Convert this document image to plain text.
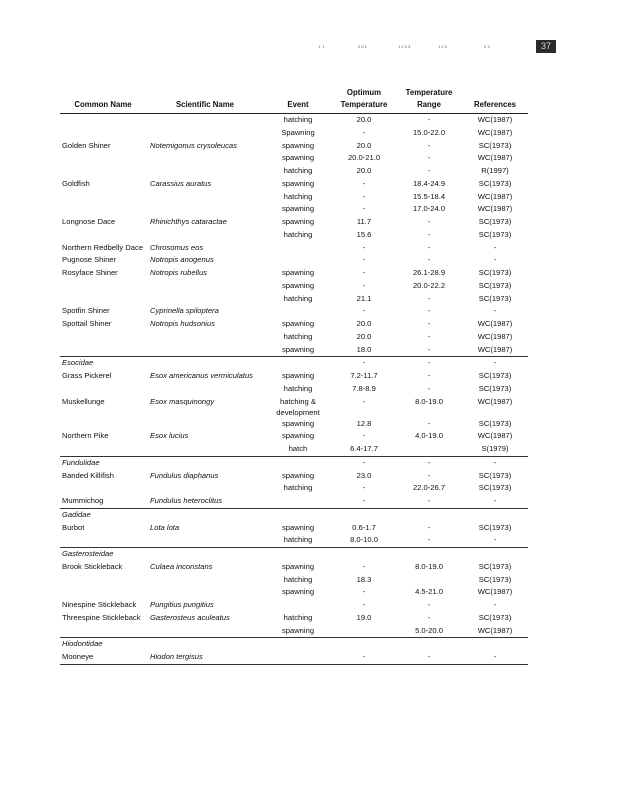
1· 1	2 0 1	1 2 3 3	1 2 3	2 3	37
Common Name	Scientific Name	Event	Optimum Temperature	Temperature Range	References
		hatching	20.0	-	WC(1987)
		Spawning	-	15.0-22.0	WC(1987)
Golden Shiner	Notemigonus crysoleucas	spawning	20.0	-	SC(1973)
		spawning	20.0-21.0	-	WC(1987)
		hatching	20.0	-	R(1997)
Goldfish	Carassius auratus	spawning	-	18.4-24.9	SC(1973)
		hatching	-	15.5-18.4	WC(1987)
		spawning	-	17.0-24.0	WC(1987)
Longnose Dace	Rhinichthys cataractae	spawning	11.7	-	SC(1973)
		hatching	15.6	-	SC(1973)
Northern Redbelly Dace	Chrosomus eos		-	-	-
Pugnose Shiner	Notropis anogenus		-	-	-
Rosyface Shiner	Notropis rubellus	spawning	-	26.1-28.9	SC(1973)
		spawning	-	20.0-22.2	SC(1973)
		hatching	21.1	-	SC(1973)
Spotfin Shiner	Cyprinella spiloptera		-	-	-
Spottail Shiner	Notropis hudsonius	spawning	20.0	-	WC(1987)
		hatching	20.0	-	WC(1987)
		spawning	18.0	-	WC(1987)
Esocidae			-	-	-
Grass Pickerel	Esox americanus vermiculatus	spawning	7.2-11.7	-	SC(1973)
		hatching	7.8-8.9	-	SC(1973)
Muskellunge	Esox masquinongy	hatching & development	-	8.0-19.0	WC(1987)
		spawning	12.8	-	SC(1973)
Northern Pike	Esox lucius	spawning	-	4.0-19.0	WC(1987)
		hatch	6.4-17.7		S(1979)
Fundulidae			-	-	-
Banded Killifish	Fundulus diaphanus	spawning	23.0	-	SC(1973)
		hatching	-	22.0-26.7	SC(1973)
Mummichog	Fundulus heteroclitus		-	-	-
Gadidae					
Burbot	Lota lota	spawning	0.6-1.7	-	SC(1973)
		hatching	8.0-10.0	-	-
Gasterosteidae					
Brook Stickleback	Culaea inconstans	spawning	-	8.0-19.0	SC(1973)
		hatching	18.3		SC(1973)
		spawning	-	4.5-21.0	WC(1987)
Ninespine Stickleback	Pungitius pungitius		-	-	-
Threespine Stickleback	Gasterosteus aculeatus	hatching	19.0	-	SC(1973)
		spawning		5.0-20.0	WC(1987)
Hiodontidae					
Mooneye	Hiodon tergisus		-	-	-
